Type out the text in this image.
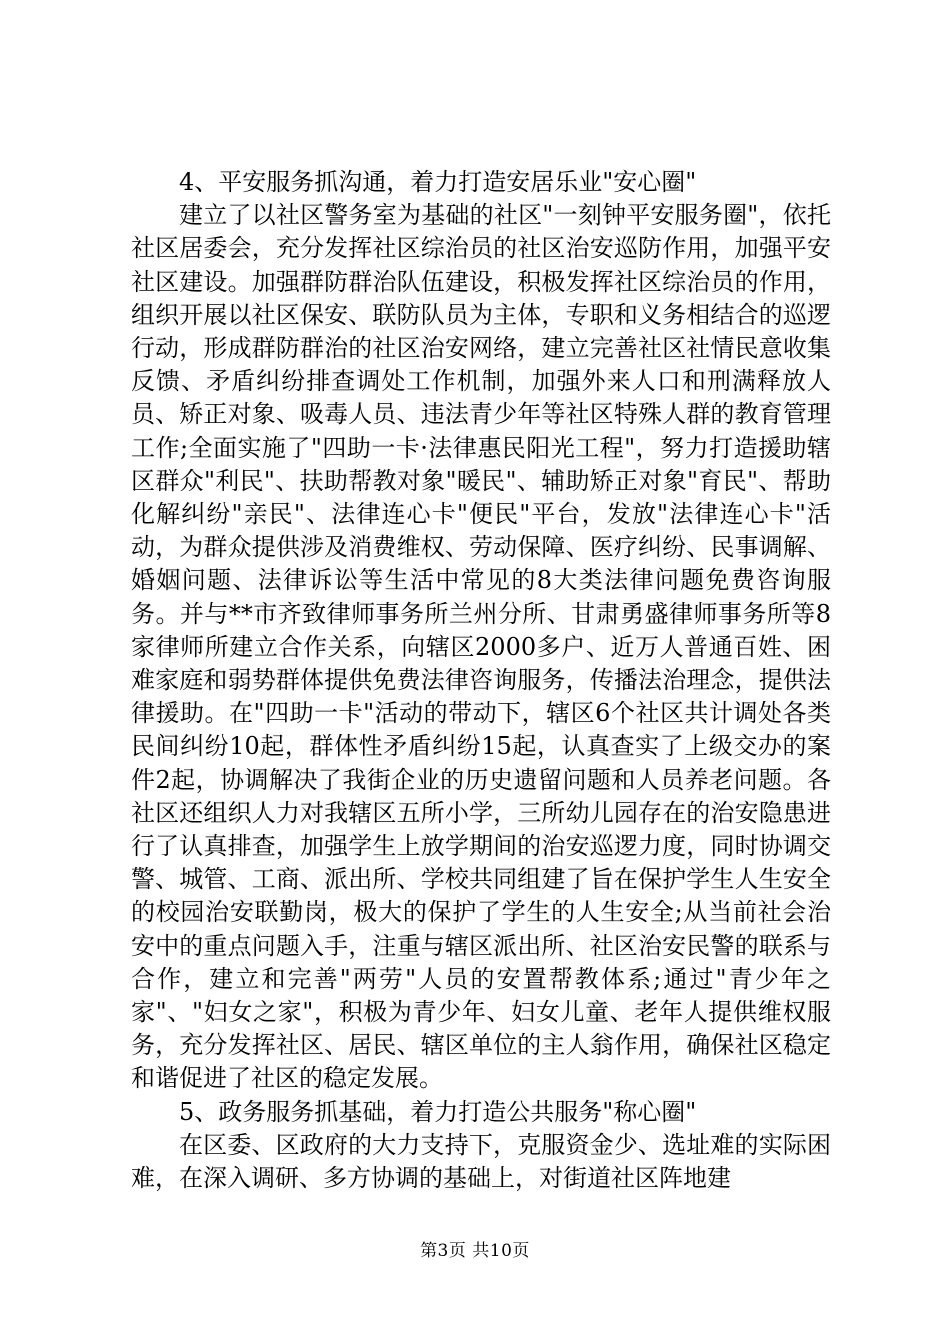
4、平安服务抓沟通，着力打造安居乐业"安心圈"

建立了以社区警务室为基础的社区"一刻钟平安服务圈"，依托社区居委会，充分发挥社区综治员的社区治安巡防作用，加强平安社区建设。加强群防群治队伍建设，积极发挥社区综治员的作用，组织开展以社区保安、联防队员为主体，专职和义务相结合的巡逻行动，形成群防群治的社区治安网络，建立完善社区社情民意收集反馈、矛盾纠纷排查调处工作机制，加强外来人口和刑满释放人员、矫正对象、吸毒人员、违法青少年等社区特殊人群的教育管理工作;全面实施了"四助一卡·法律惠民阳光工程"，努力打造援助辖区群众"利民"、扶助帮教对象"暖民"、辅助矫正对象"育民"、帮助化解纠纷"亲民"、法律连心卡"便民"平台，发放"法律连心卡"活动，为群众提供涉及消费维权、劳动保障、医疗纠纷、民事调解、婚姻问题、法律诉讼等生活中常见的8大类法律问题免费咨询服务。并与**市齐致律师事务所兰州分所、甘肃勇盛律师事务所等8家律师所建立合作关系，向辖区2000多户、近万人普通百姓、困难家庭和弱势群体提供免费法律咨询服务，传播法治理念，提供法律援助。在"四助一卡"活动的带动下，辖区6个社区共计调处各类民间纠纷10起，群体性矛盾纠纷15起，认真查实了上级交办的案件2起，协调解决了我街企业的历史遗留问题和人员养老问题。各社区还组织人力对我辖区五所小学，三所幼儿园存在的治安隐患进行了认真排查，加强学生上放学期间的治安巡逻力度，同时协调交警、城管、工商、派出所、学校共同组建了旨在保护学生人生安全的校园治安联勤岗，极大的保护了学生的人生安全;从当前社会治安中的重点问题入手，注重与辖区派出所、社区治安民警的联系与合作，建立和完善"两劳"人员的安置帮教体系;通过"青少年之家"、"妇女之家"，积极为青少年、妇女儿童、老年人提供维权服务，充分发挥社区、居民、辖区单位的主人翁作用，确保社区稳定和谐促进了社区的稳定发展。

5、政务服务抓基础，着力打造公共服务"称心圈"

在区委、区政府的大力支持下，克服资金少、选址难的实际困难，在深入调研、多方协调的基础上，对街道社区阵地建

第3页 共10页
